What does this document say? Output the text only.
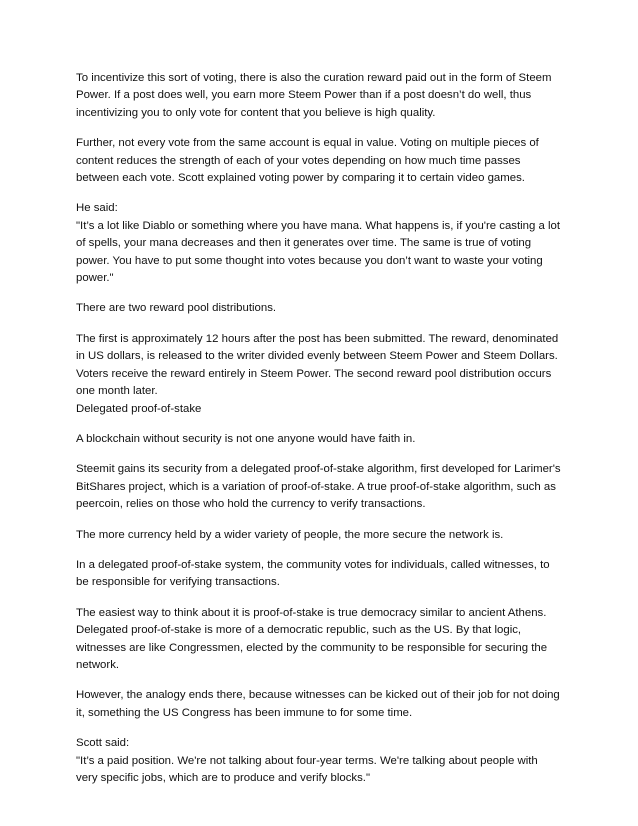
To incentivize this sort of voting, there is also the curation reward paid out in the form of Steem
Power. If a post does well, you earn more Steem Power than if a post doesn’t do well, thus
incentivizing you to only vote for content that you believe is high quality.

Further, not every vote from the same account is equal in value. Voting on multiple pieces of
content reduces the strength of each of your votes depending on how much time passes
between each vote. Scott explained voting power by comparing it to certain video games.

He said:
"It’s a lot like Diablo or something where you have mana. What happens is, if you're casting a lot
of spells, your mana decreases and then it generates over time. The same is true of voting
power. You have to put some thought into votes because you don’t want to waste your voting
power."

There are two reward pool distributions.

The first is approximately 12 hours after the post has been submitted. The reward, denominated
in US dollars, is released to the writer divided evenly between Steem Power and Steem Dollars.
Voters receive the reward entirely in Steem Power. The second reward pool distribution occurs
one month later.

Delegated proof-of-stake

A blockchain without security is not one anyone would have faith in.

Steemit gains its security from a delegated proof-of-stake algorithm, first developed for Larimer's
BitShares project, which is a variation of proof-of-stake. A true proof-of-stake algorithm, such as
peercoin, relies on those who hold the currency to verify transactions.

The more currency held by a wider variety of people, the more secure the network is.

In a delegated proof-of-stake system, the community votes for individuals, called witnesses, to
be responsible for verifying transactions.

The easiest way to think about it is proof-of-stake is true democracy similar to ancient Athens.
Delegated proof-of-stake is more of a democratic republic, such as the US. By that logic,
witnesses are like Congressmen, elected by the community to be responsible for securing the
network.

However, the analogy ends there, because witnesses can be kicked out of their job for not doing
it, something the US Congress has been immune to for some time.

Scott said:
"It’s a paid position. We're not talking about four-year terms. We're talking about people with
very specific jobs, which are to produce and verify blocks."
